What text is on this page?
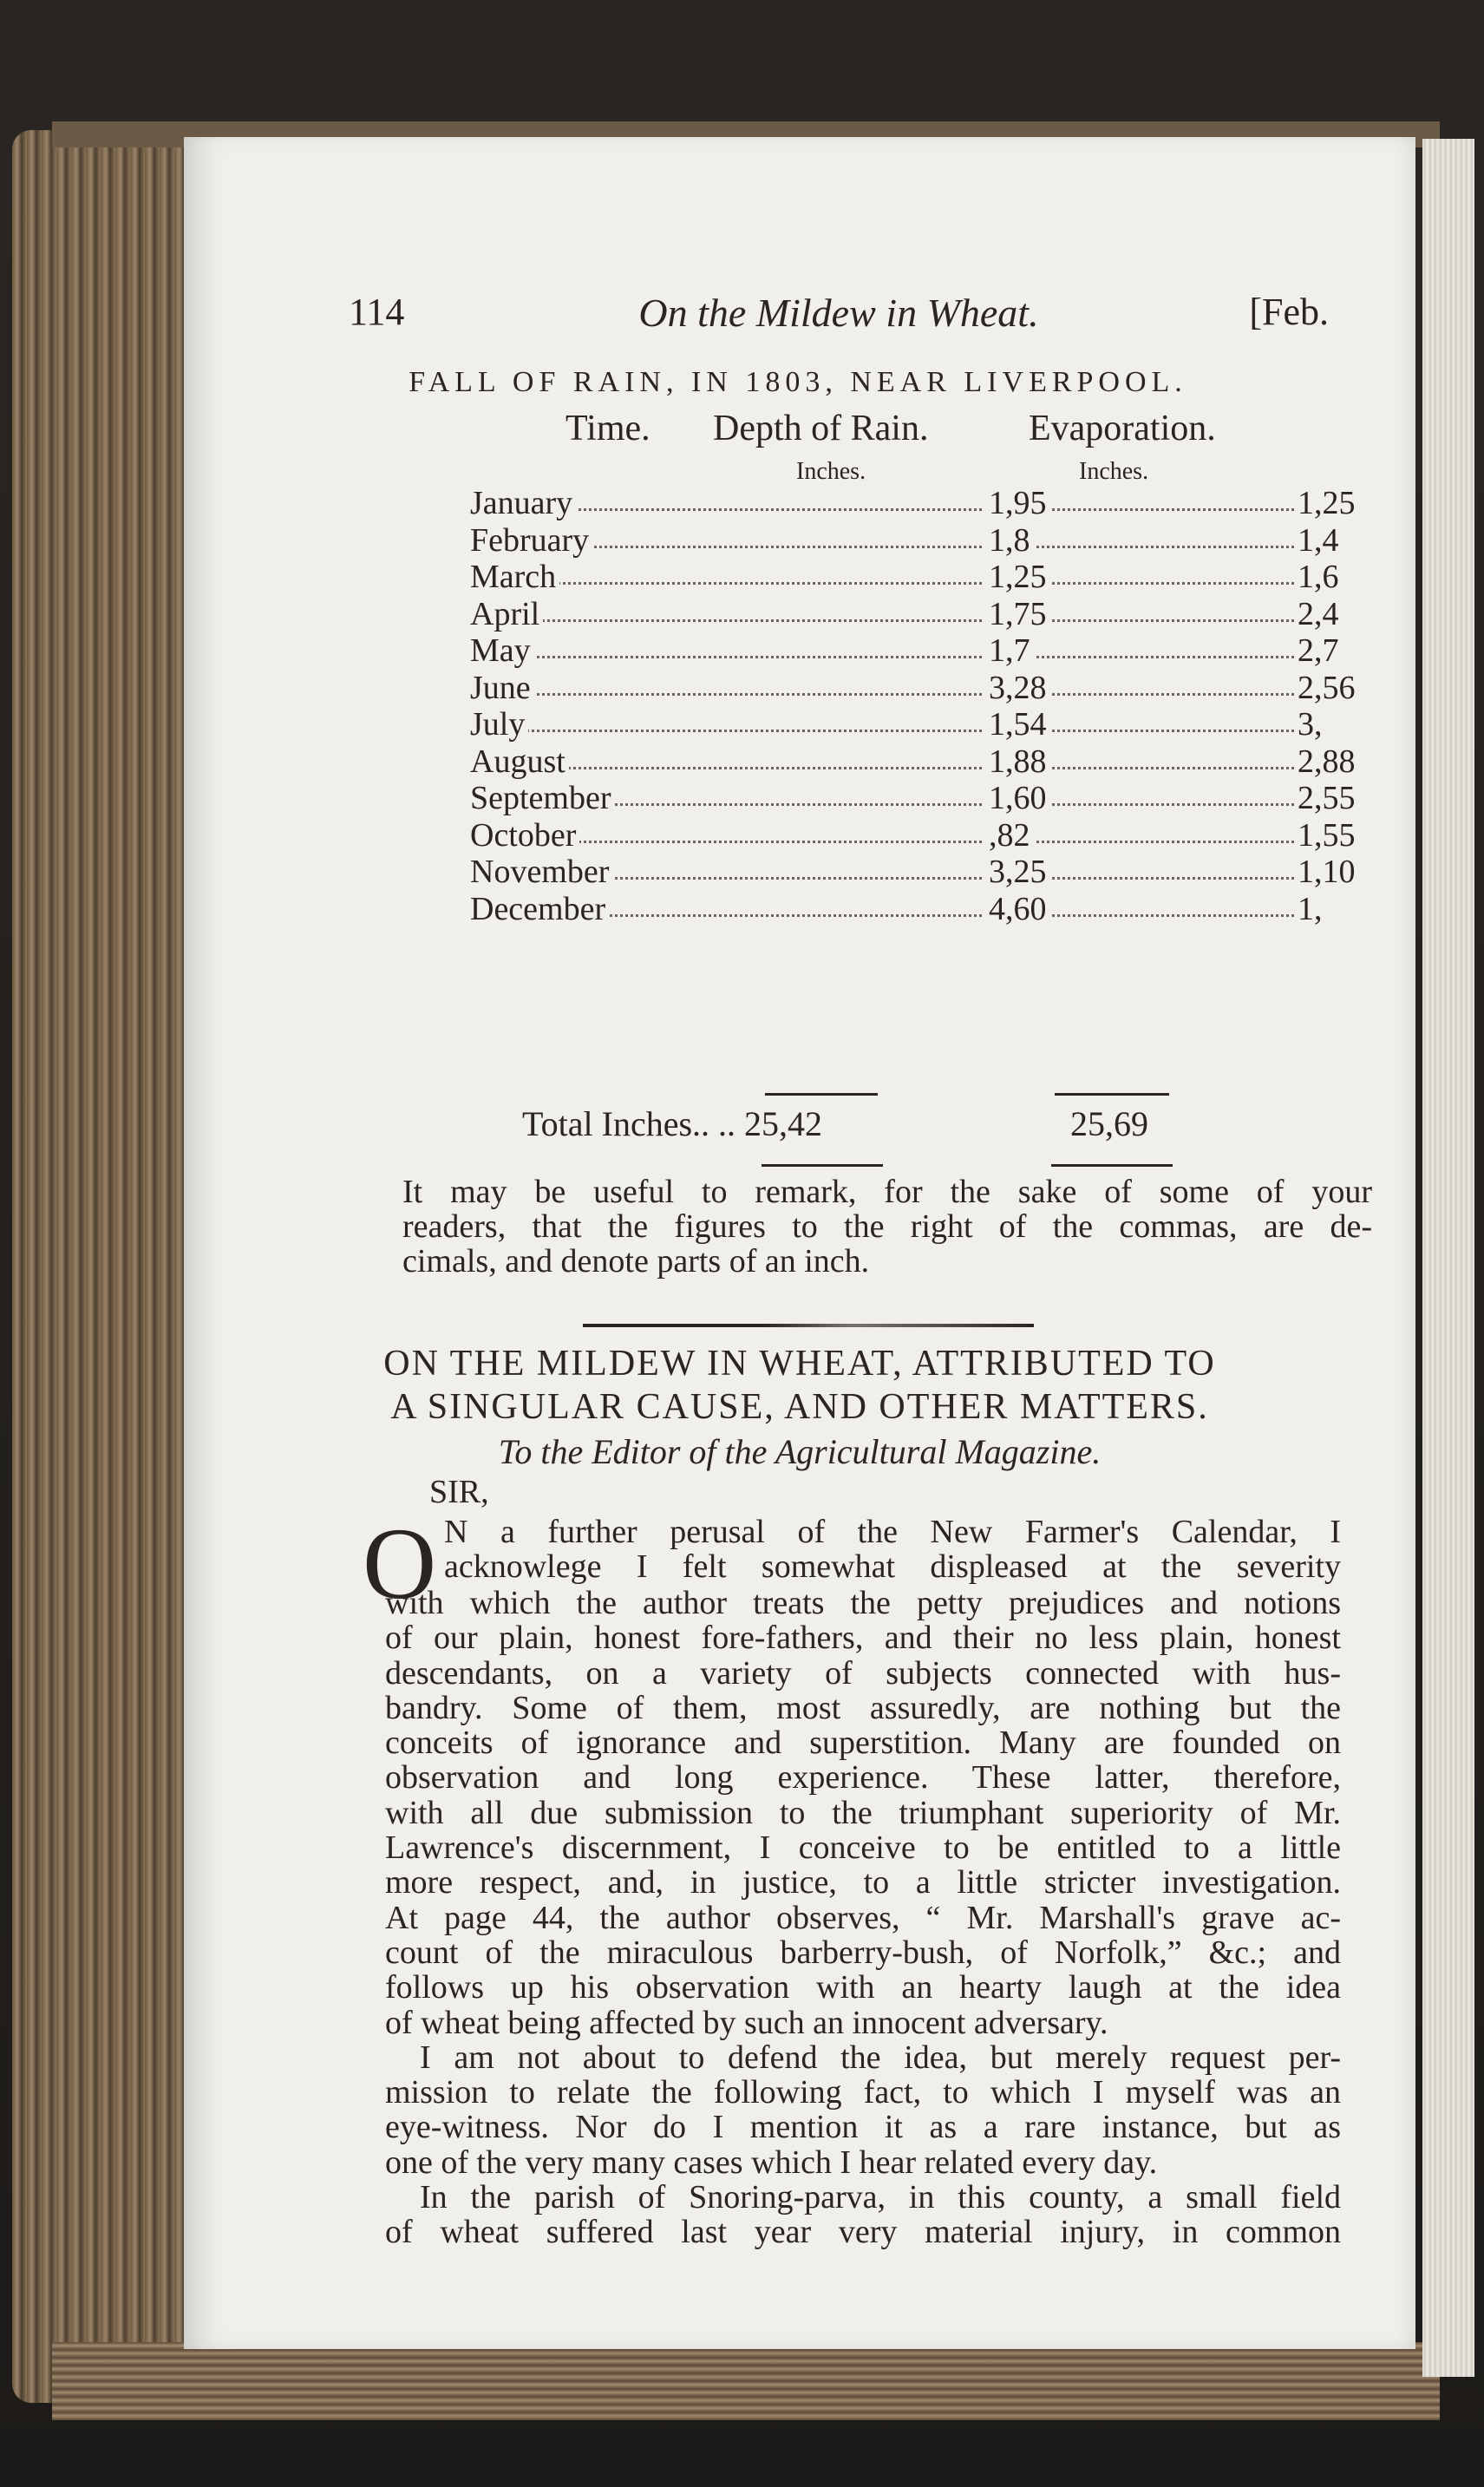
114	On the Mildew in Wheat.	[Feb.
FALL OF RAIN, IN 1803, NEAR LIVERPOOL.
Time. Depth of Rain.	Evaporation.
Inches.	Inches.
January	1,95	1,25
February	1,8	1,4
March	1,25	1,6
April	1,75	2,4
May	1,7	2,7
June	3,28	2,56
July	1,54	3,
August	1,88	2,88
September	1,60	2,55
October	,82	1,55
November	3,25	1,10
December	4,60	1,
Total Inches.. .. 25,42	25,69
It may be useful to remark, for the sake of some of your
readers, that the figures to the right of the commas, are de-
cimals, and denote parts of an inch.
ON THE MILDEW IN WHEAT, ATTRIBUTED TO
A SINGULAR CAUSE, AND OTHER MATTERS.
To the Editor of the Agricultural Magazine.
SIR,
O N a further perusal of the New Farmer's Calendar, I
acknowlege I felt somewhat displeased at the severity
with which the author treats the petty prejudices and notions
of our plain, honest fore-fathers, and their no less plain, honest
descendants, on a variety of subjects connected with hus-
bandry. Some of them, most assuredly, are nothing but the
conceits of ignorance and superstition. Many are founded on
observation and long experience. These latter, therefore,
with all due submission to the triumphant superiority of Mr.
Lawrence's discernment, I conceive to be entitled to a little
more respect, and, in justice, to a little stricter investigation.
At page 44, the author observes, “ Mr. Marshall's grave ac-
count of the miraculous barberry-bush, of Norfolk,” &c.; and
follows up his observation with an hearty laugh at the idea
of wheat being affected by such an innocent adversary.
I am not about to defend the idea, but merely request per-
mission to relate the following fact, to which I myself was an
eye-witness. Nor do I mention it as a rare instance, but as
one of the very many cases which I hear related every day.
In the parish of Snoring-parva, in this county, a small field
of wheat suffered last year very material injury, in common
